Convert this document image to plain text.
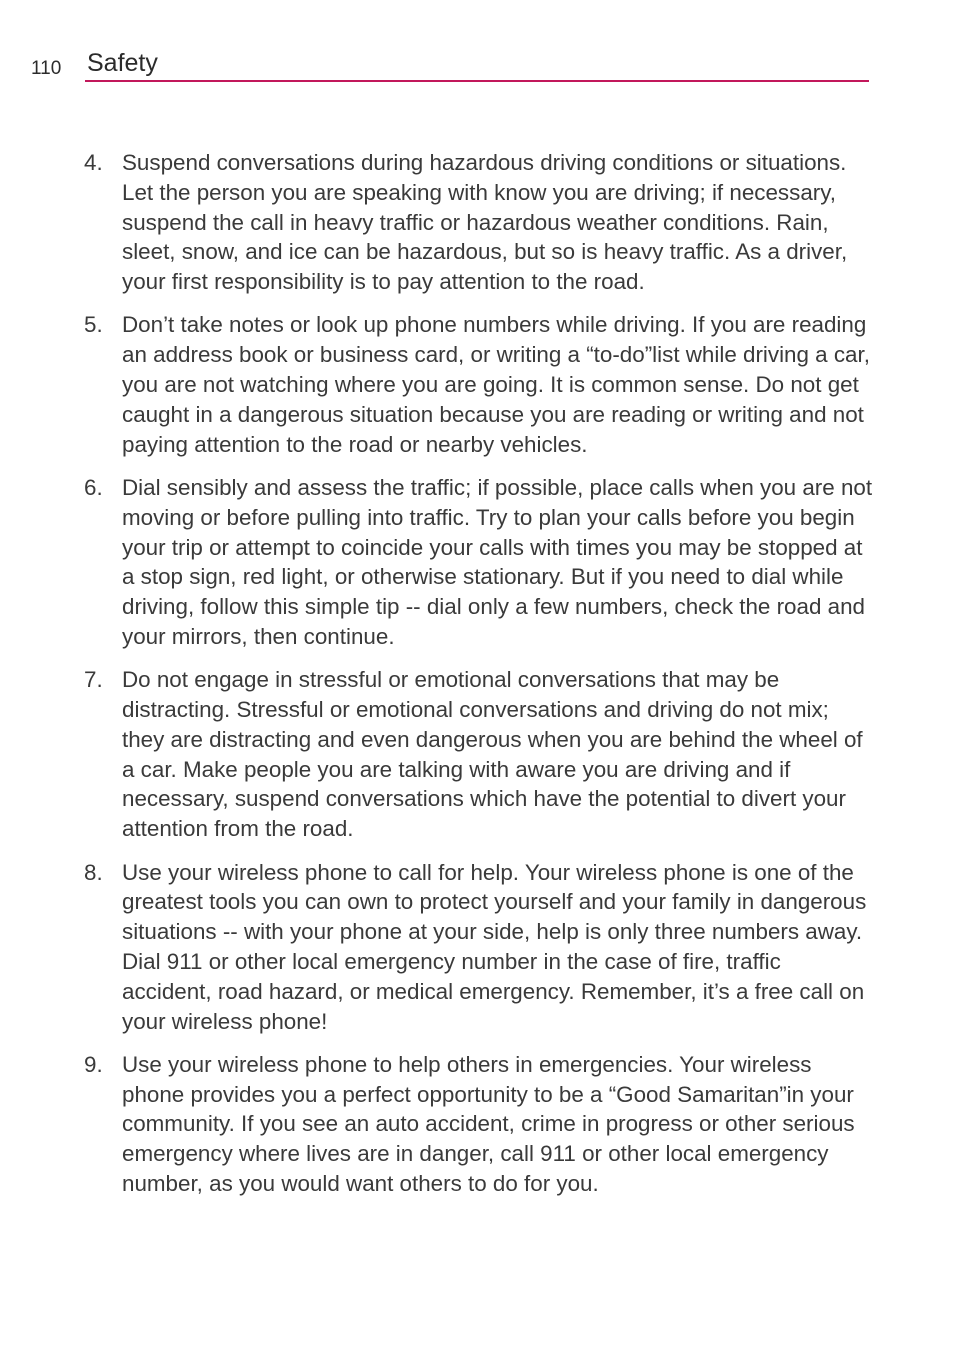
110 Safety
4. Suspend conversations during hazardous driving conditions or situations. Let the person you are speaking with know you are driving; if necessary, suspend the call in heavy traffic or hazardous weather conditions. Rain, sleet, snow, and ice can be hazardous, but so is heavy traffic. As a driver, your first responsibility is to pay attention to the road.
5. Don’t take notes or look up phone numbers while driving. If you are reading an address book or business card, or writing a “to-do”list while driving a car, you are not watching where you are going. It is common sense. Do not get caught in a dangerous situation because you are reading or writing and not paying attention to the road or nearby vehicles.
6. Dial sensibly and assess the traffic; if possible, place calls when you are not moving or before pulling into traffic. Try to plan your calls before you begin your trip or attempt to coincide your calls with times you may be stopped at a stop sign, red light, or otherwise stationary. But if you need to dial while driving, follow this simple tip -- dial only a few numbers, check the road and your mirrors, then continue.
7. Do not engage in stressful or emotional conversations that may be distracting. Stressful or emotional conversations and driving do not mix; they are distracting and even dangerous when you are behind the wheel of a car. Make people you are talking with aware you are driving and if necessary, suspend conversations which have the potential to divert your attention from the road.
8. Use your wireless phone to call for help. Your wireless phone is one of the greatest tools you can own to protect yourself and your family in dangerous situations -- with your phone at your side, help is only three numbers away. Dial 911 or other local emergency number in the case of fire, traffic accident, road hazard, or medical emergency. Remember, it’s a free call on your wireless phone!
9. Use your wireless phone to help others in emergencies. Your wireless phone provides you a perfect opportunity to be a “Good Samaritan”in your community. If you see an auto accident, crime in progress or other serious emergency where lives are in danger, call 911 or other local emergency number, as you would want others to do for you.
